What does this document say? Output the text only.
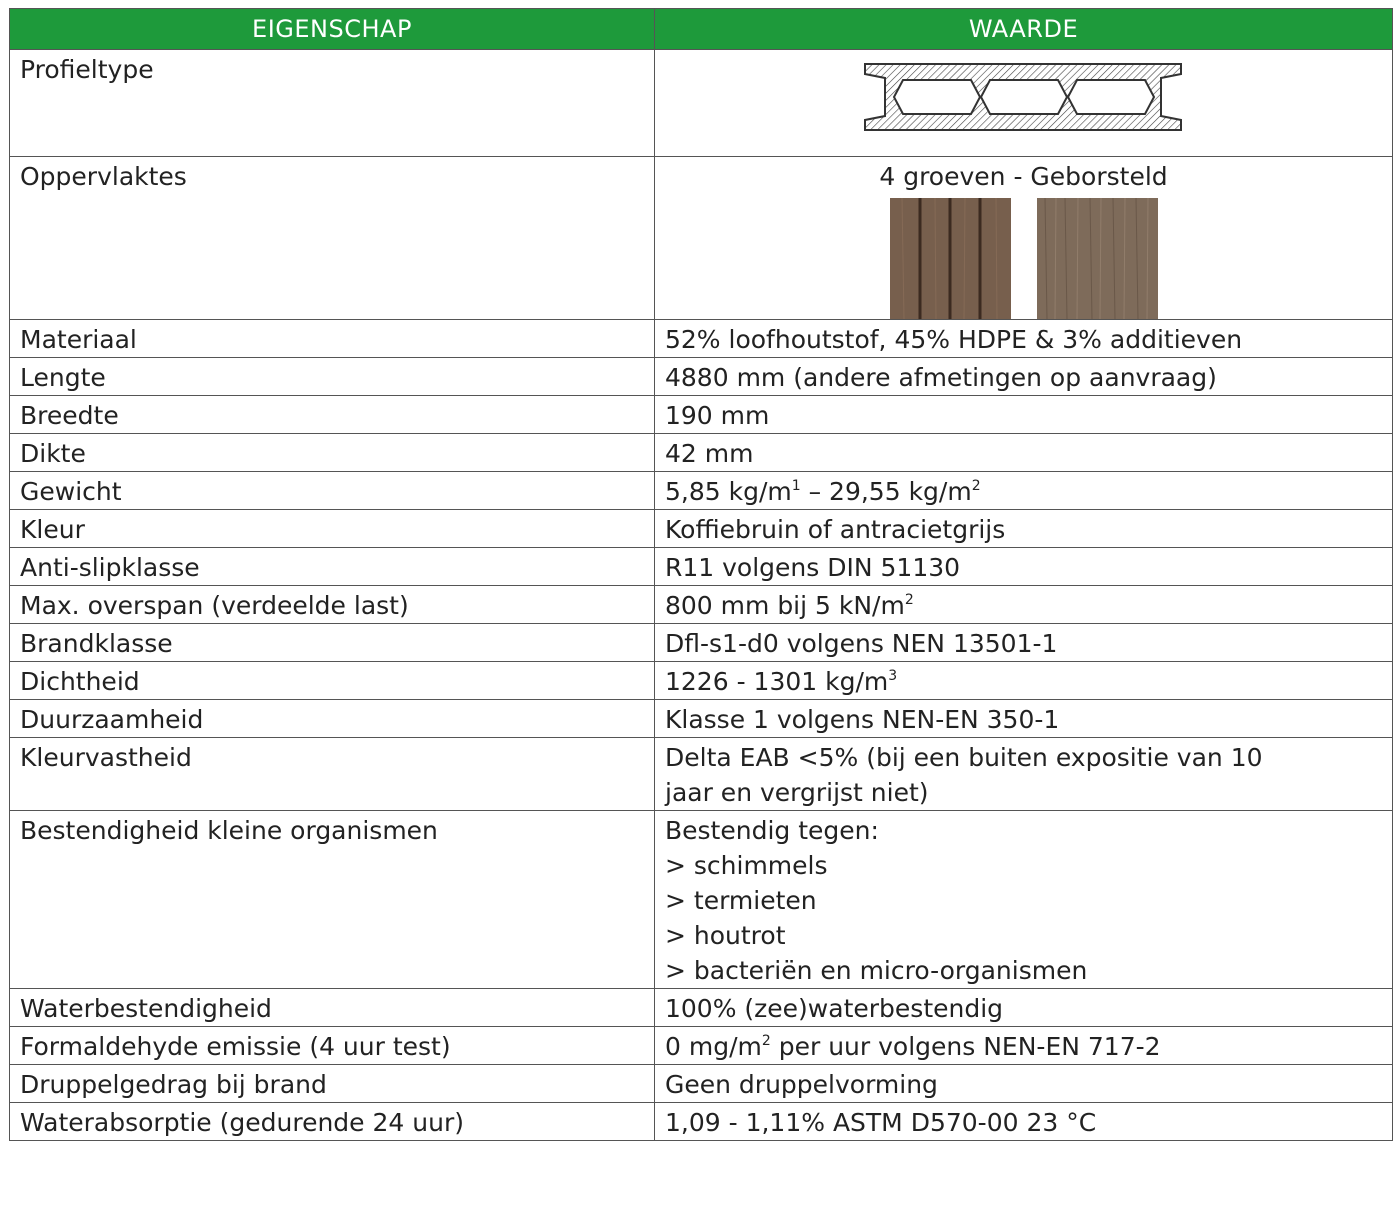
EIGENSCHAP	WAARDE
Profieltype	

Oppervlaktes	4 groeven - Geborsteld

Materiaal	52% loofhoutstof, 45% HDPE & 3% additieven
Lengte	4880 mm (andere afmetingen op aanvraag)
Breedte	190 mm
Dikte	42 mm
Gewicht	5,85 $kg/m^1 - 29,55$ $kg/m^2$
Kleur	Koffiebruin of antracietgrijs
Anti-slipklasse	R11 volgens DIN 51130
Max. overspan (verdeelde last)	800 mm bij 5 $kN/m^2$
Brandklasse	Dfl-s1-d0 volgens NEN 13501-1
Dichtheid	1226 - 1301 $kg/m^3$
Duurzaamheid	Klasse 1 volgens NEN-EN 350-1
Kleurvastheid	Delta EAB <5% (bij een buiten expositie van 10
jaar en vergrijst niet)

Bestendigheid kleine organismen	Bestendig tegen:
> schimmels
> termieten
> houtrot
> bacteriën en micro-organismen

Waterbestendigheid	100% (zee)waterbestendig
Formaldehyde emissie (4 uur test)	0 $mg/m^2$ per uur volgens NEN-EN 717-2
Druppelgedrag bij brand	Geen druppelvorming
Waterabsorptie (gedurende 24 uur)	1,09 - 1,11% ASTM D570-00 23 °C
